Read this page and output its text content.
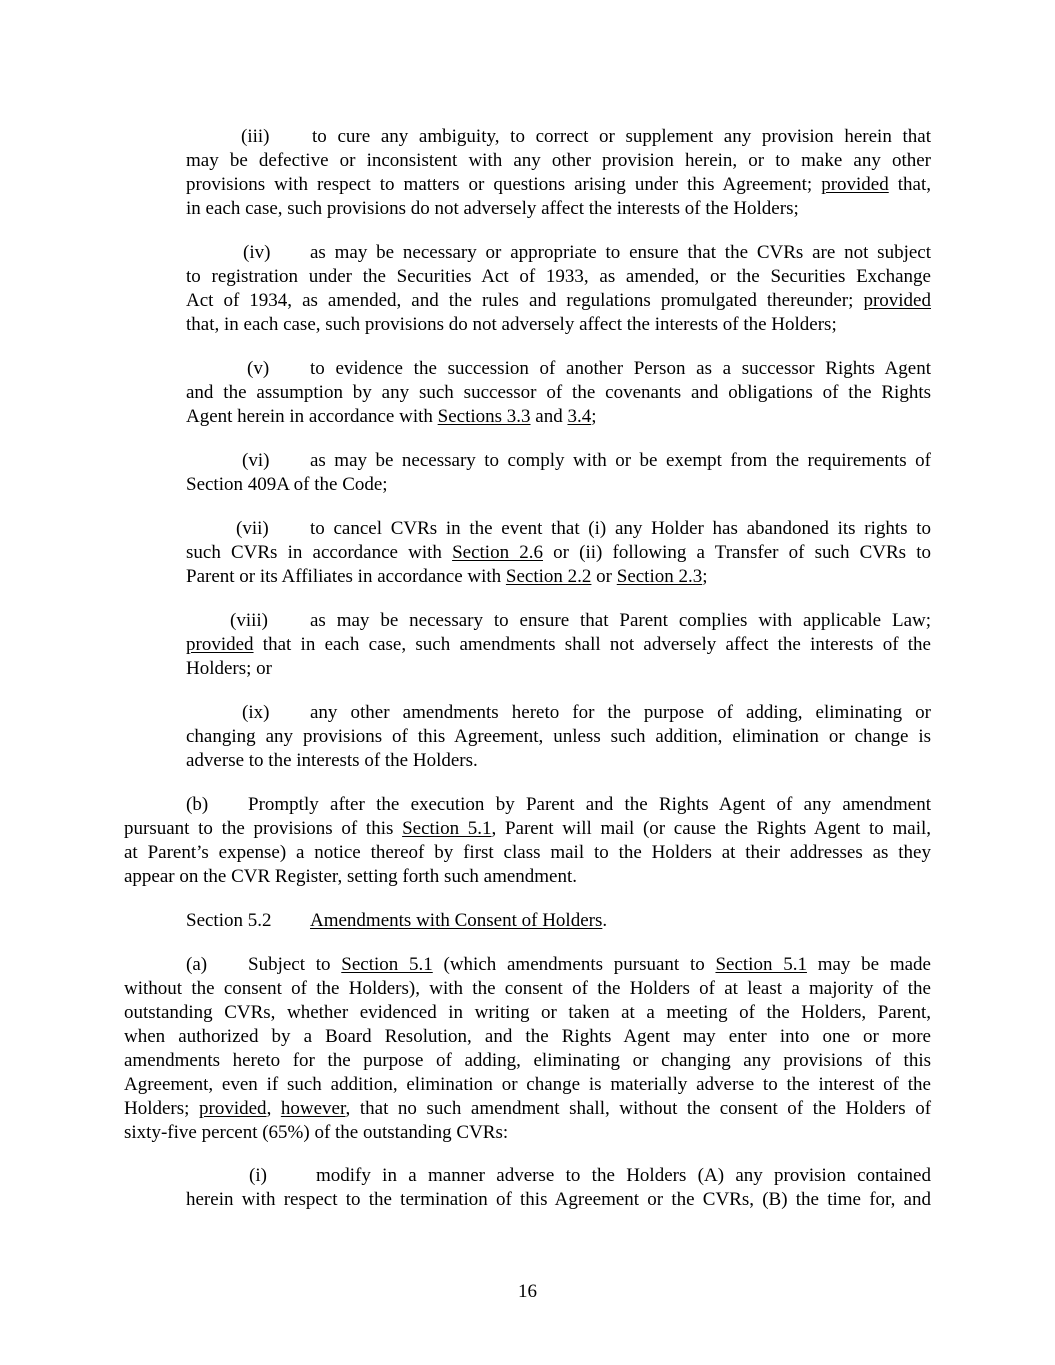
(iii) to cure any ambiguity, to correct or supplement any provision herein that
may be defective or inconsistent with any other provision herein, or to make any other
provisions with respect to matters or questions arising under this Agreement; provided that,
in each case, such provisions do not adversely affect the interests of the Holders;
(iv) as may be necessary or appropriate to ensure that the CVRs are not subject
to registration under the Securities Act of 1933, as amended, or the Securities Exchange
Act of 1934, as amended, and the rules and regulations promulgated thereunder; provided
that, in each case, such provisions do not adversely affect the interests of the Holders;
(v) to evidence the succession of another Person as a successor Rights Agent
and the assumption by any such successor of the covenants and obligations of the Rights
Agent herein in accordance with Sections 3.3 and 3.4;
(vi) as may be necessary to comply with or be exempt from the requirements of
Section 409A of the Code;
(vii) to cancel CVRs in the event that (i) any Holder has abandoned its rights to
such CVRs in accordance with Section 2.6 or (ii) following a Transfer of such CVRs to
Parent or its Affiliates in accordance with Section 2.2 or Section 2.3;
(viii) as may be necessary to ensure that Parent complies with applicable Law;
provided that in each case, such amendments shall not adversely affect the interests of the
Holders; or
(ix) any other amendments hereto for the purpose of adding, eliminating or
changing any provisions of this Agreement, unless such addition, elimination or change is
adverse to the interests of the Holders.
(b) Promptly after the execution by Parent and the Rights Agent of any amendment
pursuant to the provisions of this Section 5.1, Parent will mail (or cause the Rights Agent to mail,
at Parent’s expense) a notice thereof by first class mail to the Holders at their addresses as they
appear on the CVR Register, setting forth such amendment.
Section 5.2 Amendments with Consent of Holders.
(a) Subject to Section 5.1 (which amendments pursuant to Section 5.1 may be made
without the consent of the Holders), with the consent of the Holders of at least a majority of the
outstanding CVRs, whether evidenced in writing or taken at a meeting of the Holders, Parent,
when authorized by a Board Resolution, and the Rights Agent may enter into one or more
amendments hereto for the purpose of adding, eliminating or changing any provisions of this
Agreement, even if such addition, elimination or change is materially adverse to the interest of the
Holders; provided, however, that no such amendment shall, without the consent of the Holders of
sixty-five percent (65%) of the outstanding CVRs:
(i)	modify in a manner adverse to the Holders (A) any provision contained
herein with respect to the termination of this Agreement or the CVRs, (B) the time for, and
16
